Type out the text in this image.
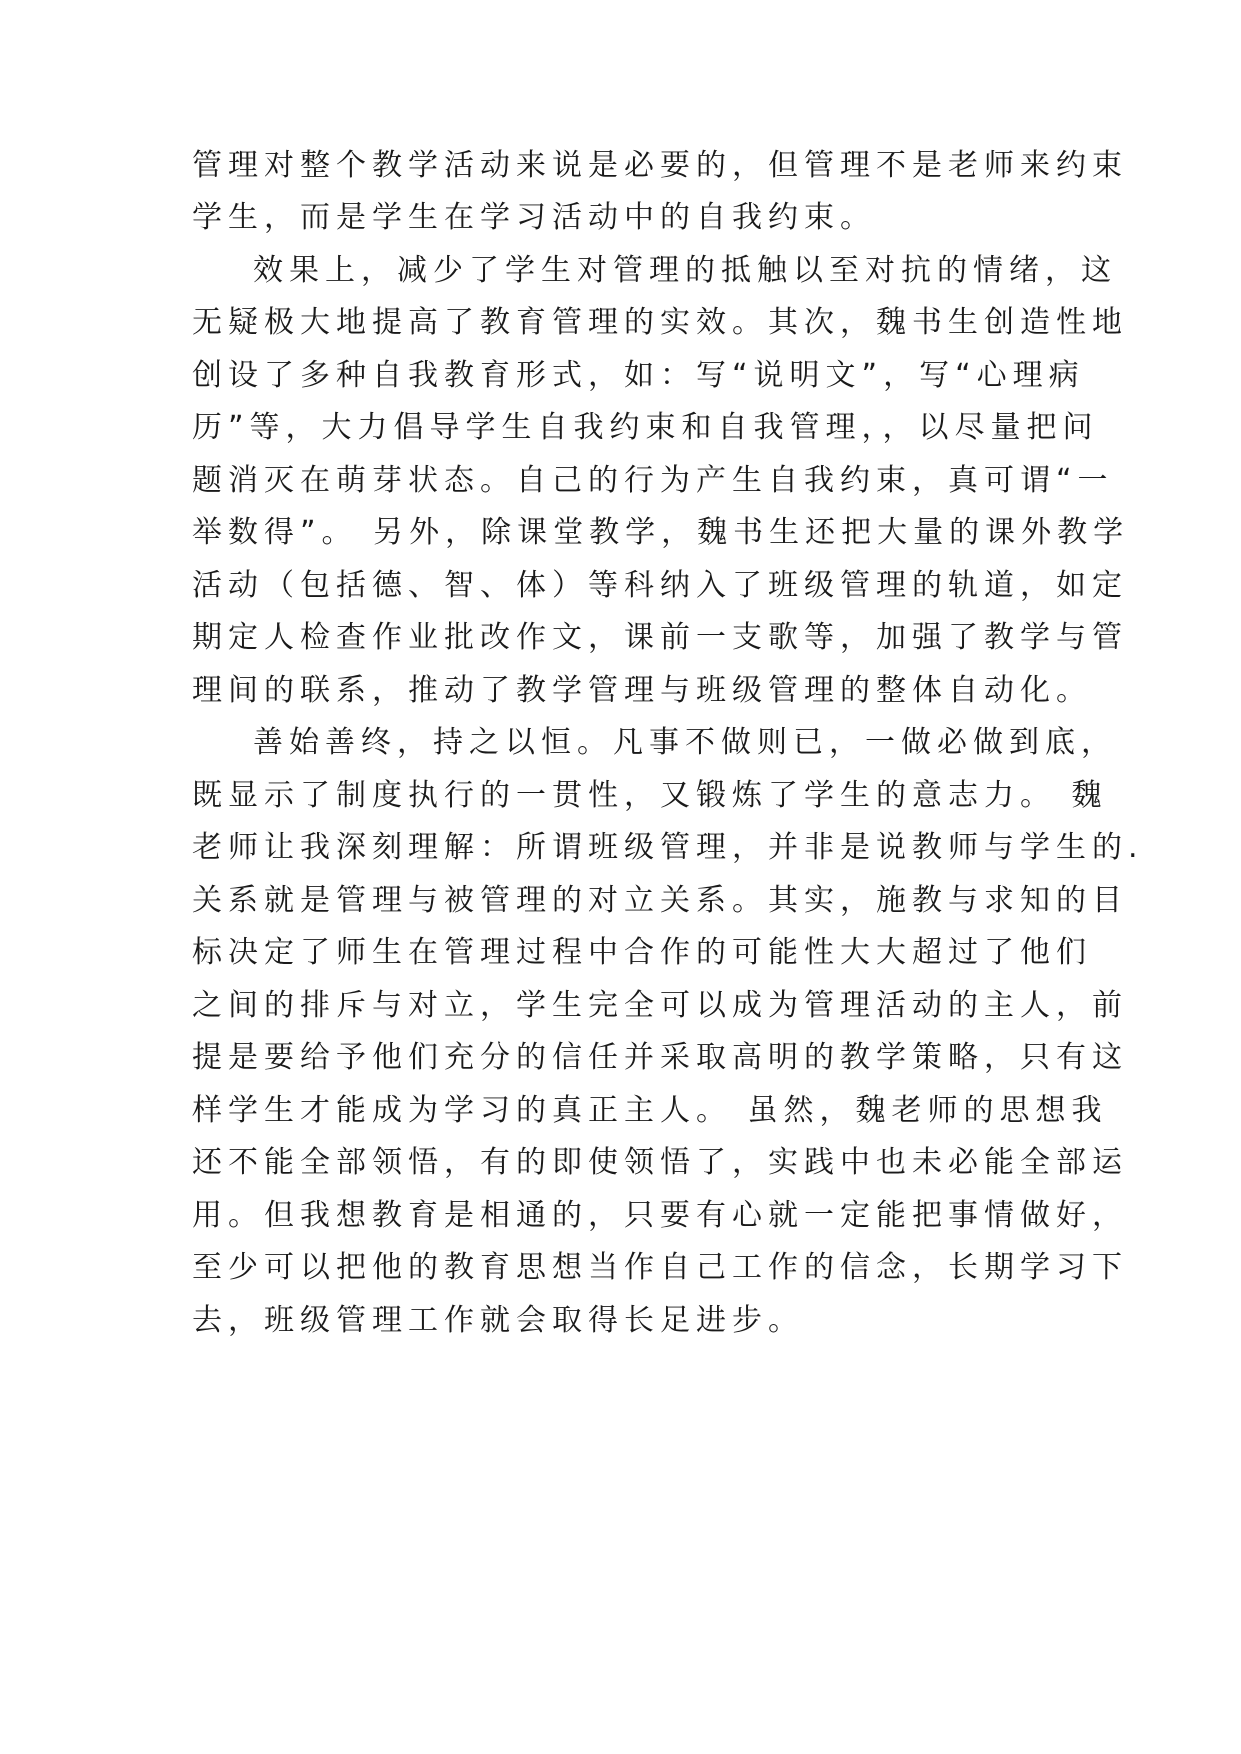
管理对整个教学活动来说是必要的，但管理不是老师来约束

学生，而是学生在学习活动中的自我约束。

效果上，减少了学生对管理的抵触以至对抗的情绪，这

无疑极大地提高了教育管理的实效。其次，魏书生创造性地

创设了多种自我教育形式，如：写“说明文”，写“心理病

历”等，大力倡导学生自我约束和自我管理，，以尽量把问

题消灭在萌芽状态。自己的行为产生自我约束，真可谓“一

举数得”。 另外，除课堂教学，魏书生还把大量的课外教学

活动（包括德、智、体）等科纳入了班级管理的轨道，如定

期定人检查作业批改作文，课前一支歌等，加强了教学与管

理间的联系，推动了教学管理与班级管理的整体自动化。

善始善终，持之以恒。凡事不做则已，一做必做到底，

既显示了制度执行的一贯性，又锻炼了学生的意志力。 魏

老师让我深刻理解：所谓班级管理，并非是说教师与学生的.

关系就是管理与被管理的对立关系。其实，施教与求知的目

标决定了师生在管理过程中合作的可能性大大超过了他们

之间的排斥与对立，学生完全可以成为管理活动的主人，前

提是要给予他们充分的信任并采取高明的教学策略，只有这

样学生才能成为学习的真正主人。 虽然，魏老师的思想我

还不能全部领悟，有的即使领悟了，实践中也未必能全部运

用。但我想教育是相通的，只要有心就一定能把事情做好，

至少可以把他的教育思想当作自己工作的信念，长期学习下

去，班级管理工作就会取得长足进步。
